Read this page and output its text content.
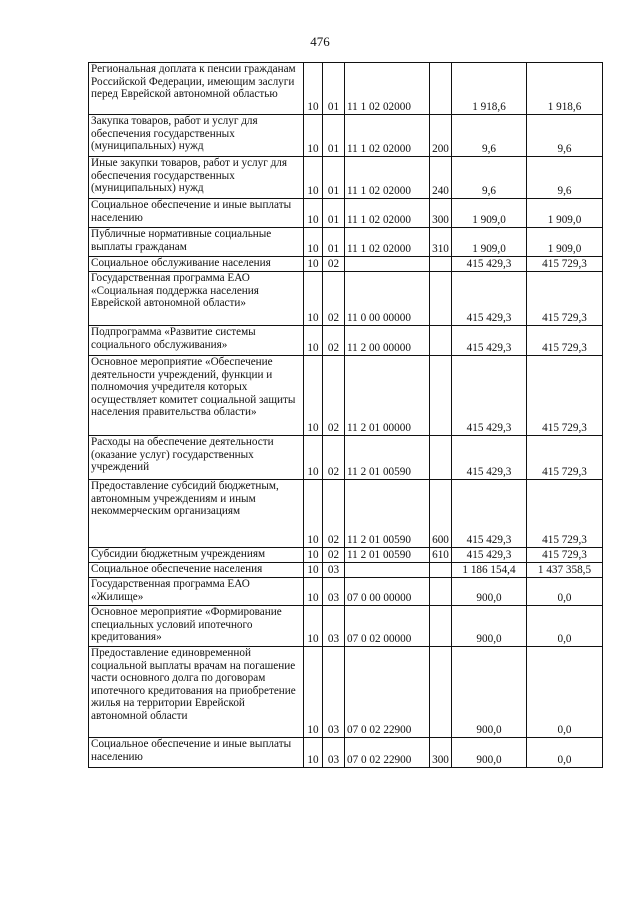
476
Региональная доплата к пенсии гражданам Российской Федерации, имеющим заслуги перед Еврейской автономной областью	10	01	11 1 02 02000		1 918,6	1 918,6
Закупка товаров, работ и услуг для обеспечения государственных (муниципальных) нужд	10	01	11 1 02 02000	200	9,6	9,6
Иные закупки товаров, работ и услуг для обеспечения государственных (муниципальных) нужд	10	01	11 1 02 02000	240	9,6	9,6
Социальное обеспечение и иные выплаты населению	10	01	11 1 02 02000	300	1 909,0	1 909,0
Публичные нормативные социальные выплаты гражданам	10	01	11 1 02 02000	310	1 909,0	1 909,0
Социальное обслуживание населения	10	02			415 429,3	415 729,3
Государственная программа ЕАО «Социальная поддержка населения Еврейской автономной области»	10	02	11 0 00 00000		415 429,3	415 729,3
Подпрограмма «Развитие системы социального обслуживания»	10	02	11 2 00 00000		415 429,3	415 729,3
Основное мероприятие «Обеспечение деятельности учреждений, функции и полномочия учредителя которых осуществляет комитет социальной защиты населения правительства области»	10	02	11 2 01 00000		415 429,3	415 729,3
Расходы на обеспечение деятельности (оказание услуг) государственных учреждений	10	02	11 2 01 00590		415 429,3	415 729,3
Предоставление субсидий бюджетным, автономным учреждениям и иным некоммерческим организациям	10	02	11 2 01 00590	600	415 429,3	415 729,3
Субсидии бюджетным учреждениям	10	02	11 2 01 00590	610	415 429,3	415 729,3
Социальное обеспечение населения	10	03			1 186 154,4	1 437 358,5
Государственная программа ЕАО «Жилище»	10	03	07 0 00 00000		900,0	0,0
Основное мероприятие «Формирование специальных условий ипотечного кредитования»	10	03	07 0 02 00000		900,0	0,0
Предоставление единовременной социальной выплаты врачам на погашение части основного долга по договорам ипотечного кредитования на приобретение жилья на территории Еврейской автономной области	10	03	07 0 02 22900		900,0	0,0
Социальное обеспечение и иные выплаты населению	10	03	07 0 02 22900	300	900,0	0,0
